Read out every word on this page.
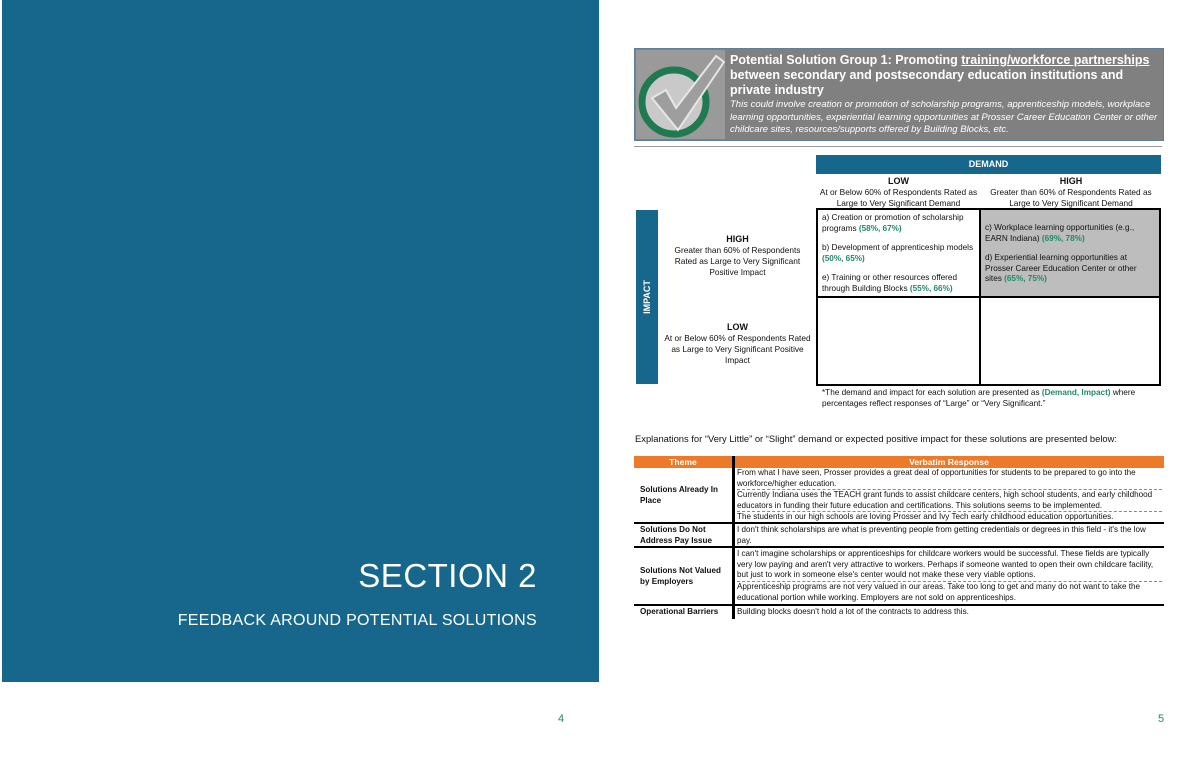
SECTION 2
FEEDBACK AROUND POTENTIAL SOLUTIONS
4
Potential Solution Group 1: Promoting training/workforce partnerships between secondary and postsecondary education institutions and private industry
This could involve creation or promotion of scholarship programs, apprenticeship models, workplace learning opportunities, experiential learning opportunities at Prosser Career Education Center or other childcare sites, resources/supports offered by Building Blocks, etc.
DEMAND
LOW
At or Below 60% of Respondents Rated as Large to Very Significant Demand
HIGH
Greater than 60% of Respondents Rated as Large to Very Significant Demand
IMPACT
HIGH
Greater than 60% of Respondents Rated as Large to Very Significant Positive Impact
LOW
At or Below 60% of Respondents Rated as Large to Very Significant Positive Impact

a) Creation or promotion of scholarship programs (58%, 67%)

b) Development of apprenticeship models (50%, 65%)

e) Training or other resources offered through Building Blocks (55%, 66%)

c) Workplace learning opportunities (e.g., EARN Indiana) (69%, 78%)

d) Experiential learning opportunities at Prosser Career Education Center or other sites (65%, 75%)

*The demand and impact for each solution are presented as (Demand, Impact) where percentages reflect responses of “Large” or “Very Significant.”
Explanations for “Very Little” or “Slight” demand or expected positive impact for these solutions are presented below:
Theme	Verbatim Response
Solutions Already In Place
From what I have seen, Prosser provides a great deal of opportunities for students to be prepared to go into the workforce/higher education.
Currently Indiana uses the TEACH grant funds to assist childcare centers, high school students, and early childhood educators in funding their future education and certifications. This solutions seems to be implemented.
The students in our high schools are loving Prosser and Ivy Tech early childhood education opportunities.
Solutions Do Not Address Pay Issue
I don't think scholarships are what is preventing people from getting credentials or degrees in this field - it's the low pay.
Solutions Not Valued by Employers
I can't imagine scholarships or apprenticeships for childcare workers would be successful. These fields are typically very low paying and aren't very attractive to workers. Perhaps if someone wanted to open their own childcare facility, but just to work in someone else's center would not make these very viable options.
Apprenticeship programs are not very valued in our areas. Take too long to get and many do not want to take the educational portion while working. Employers are not sold on apprenticeships.
Operational Barriers	Building blocks doesn't hold a lot of the contracts to address this.
5
